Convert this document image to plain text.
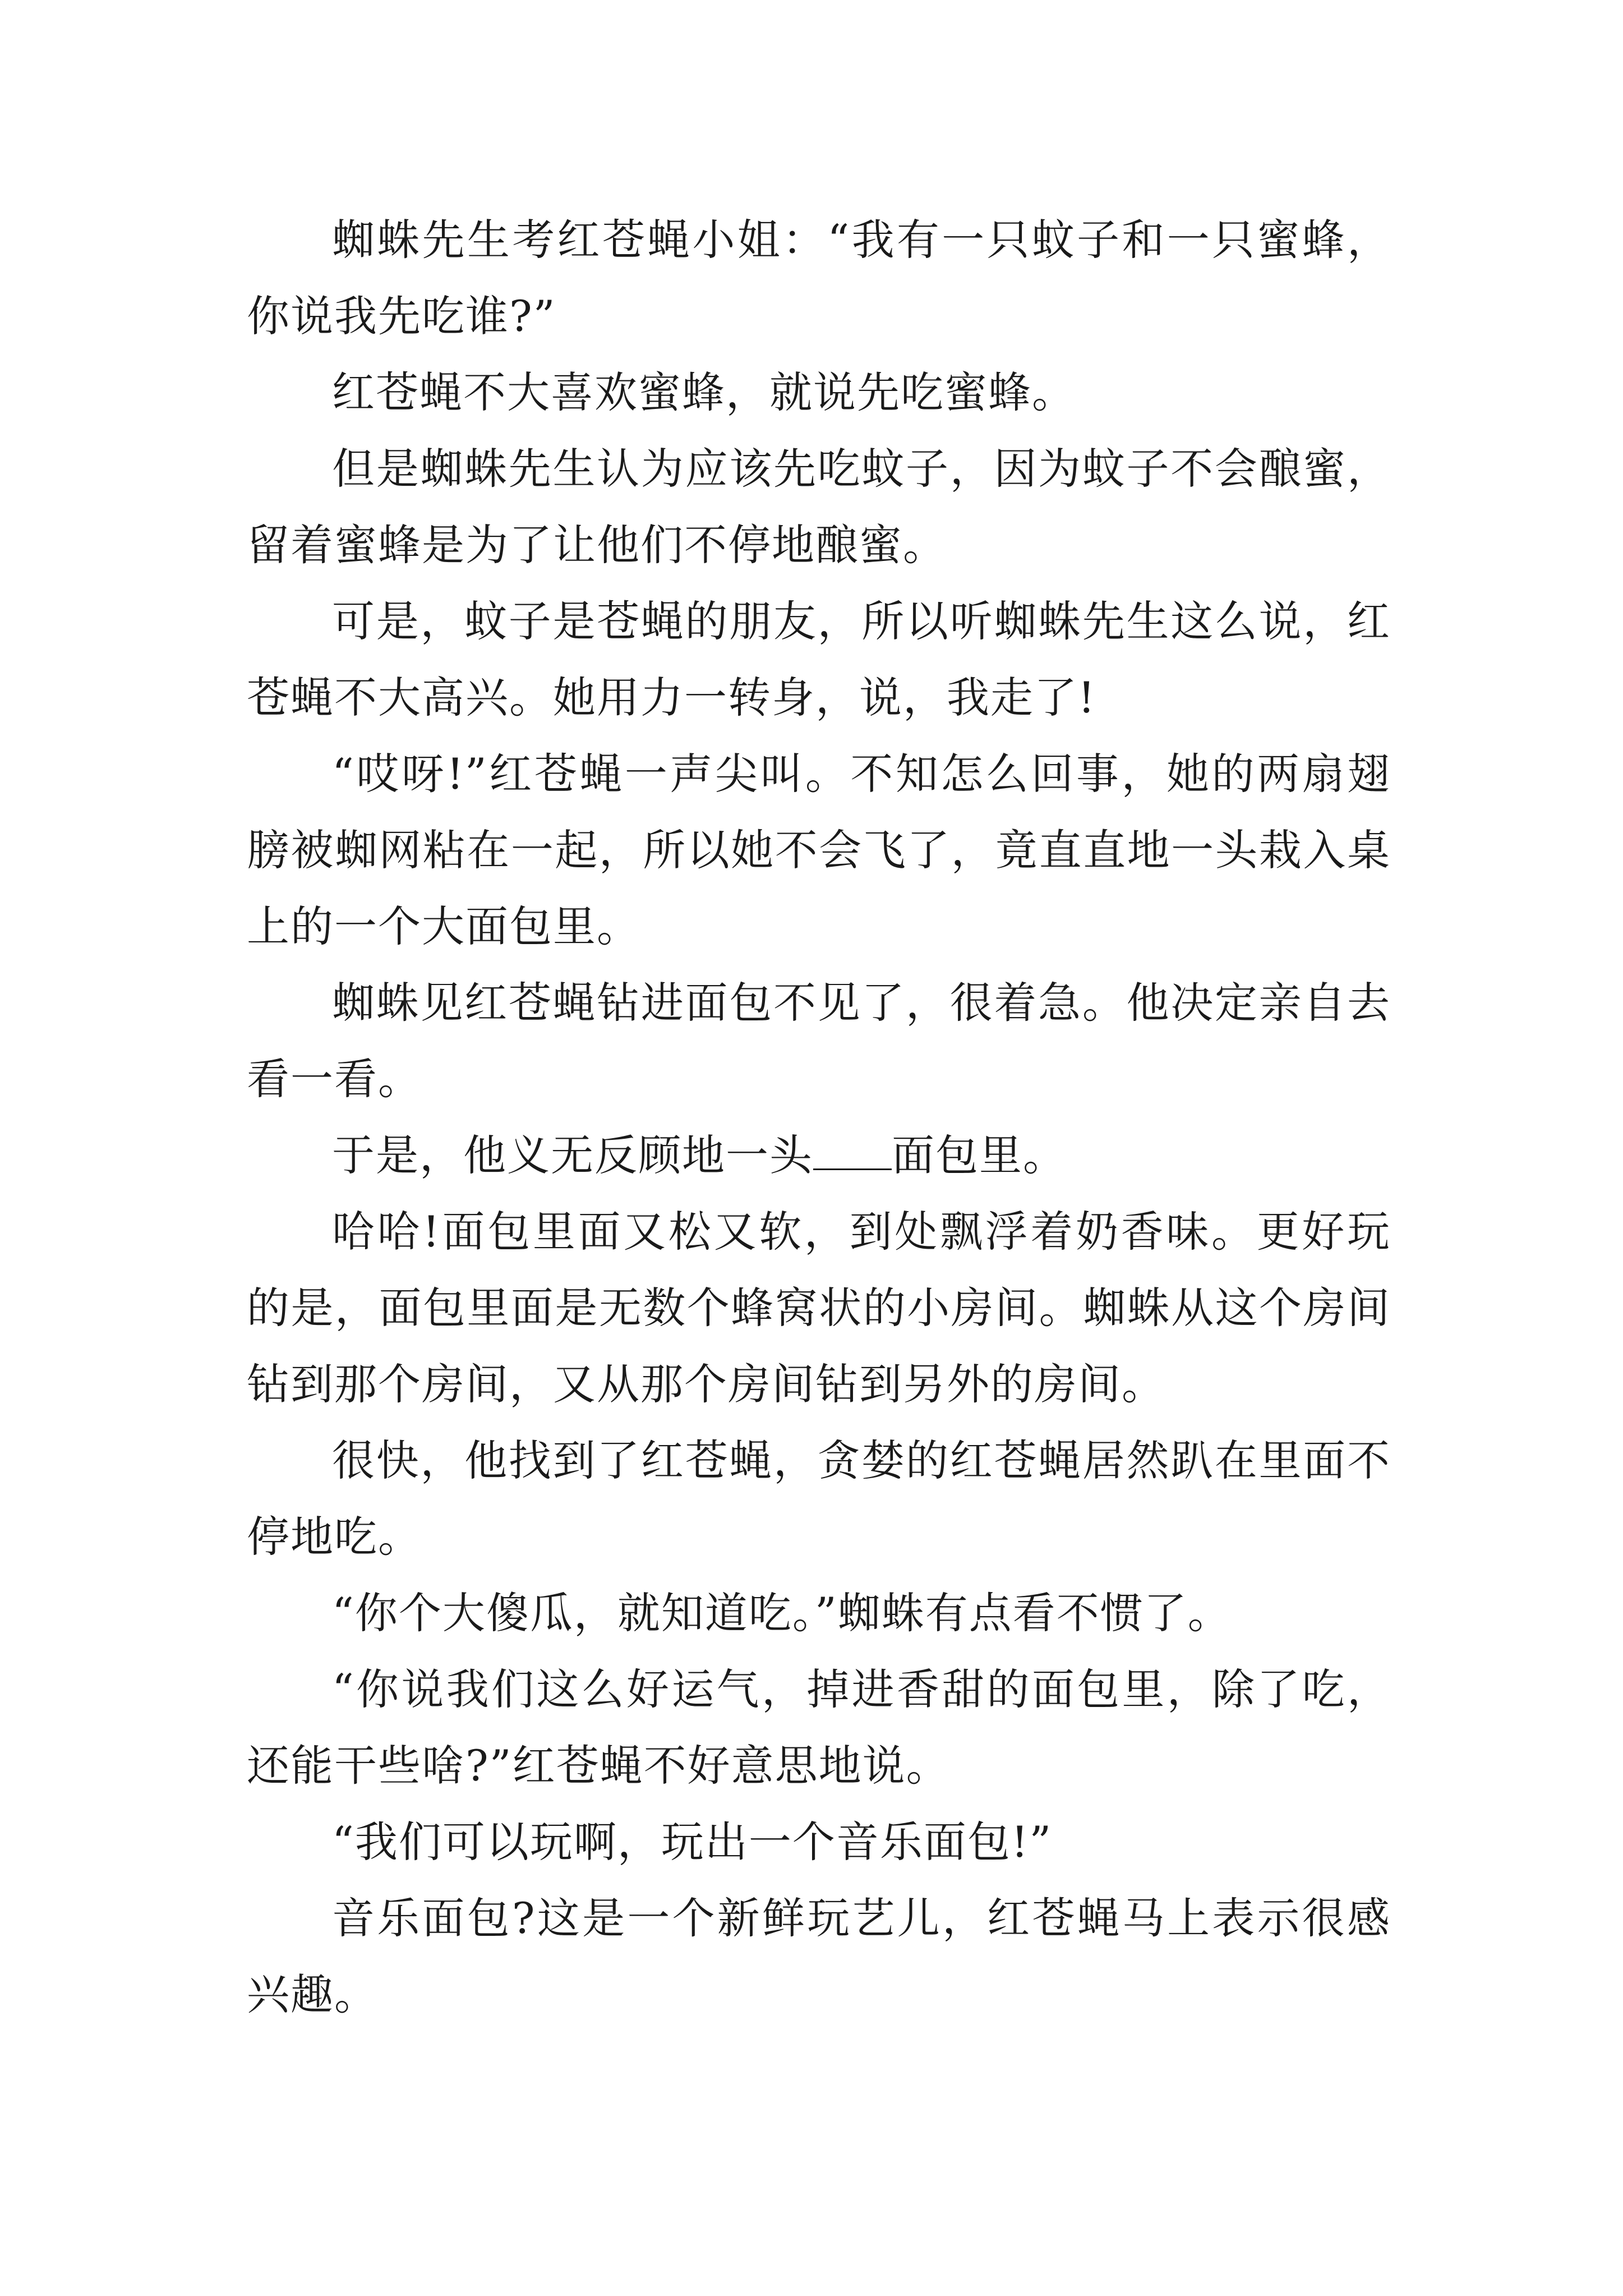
蜘蛛先生考红苍蝇小姐：“我有一只蚊子和一只蜜蜂，你说我先吃谁?”

红苍蝇不大喜欢蜜蜂，就说先吃蜜蜂。

但是蜘蛛先生认为应该先吃蚊子，因为蚊子不会酿蜜，留着蜜蜂是为了让他们不停地酿蜜。

可是，蚊子是苍蝇的朋友，所以听蜘蛛先生这么说，红苍蝇不大高兴。她用力一转身，说，我走了!

“哎呀!”红苍蝇一声尖叫。不知怎么回事，她的两扇翅膀被蜘网粘在一起，所以她不会飞了，竟直直地一头栽入桌上的一个大面包里。

蜘蛛见红苍蝇钻进面包不见了，很着急。他决定亲自去看一看。

于是，他义无反顾地一头 面包里。

哈哈!面包里面又松又软，到处飘浮着奶香味。更好玩的是，面包里面是无数个蜂窝状的小房间。蜘蛛从这个房间钻到那个房间，又从那个房间钻到另外的房间。

很快，他找到了红苍蝇，贪婪的红苍蝇居然趴在里面不停地吃。

“你个大傻瓜，就知道吃。”蜘蛛有点看不惯了。

“你说我们这么好运气，掉进香甜的面包里，除了吃，还能干些啥?”红苍蝇不好意思地说。

“我们可以玩啊，玩出一个音乐面包!”

音乐面包?这是一个新鲜玩艺儿，红苍蝇马上表示很感兴趣。
